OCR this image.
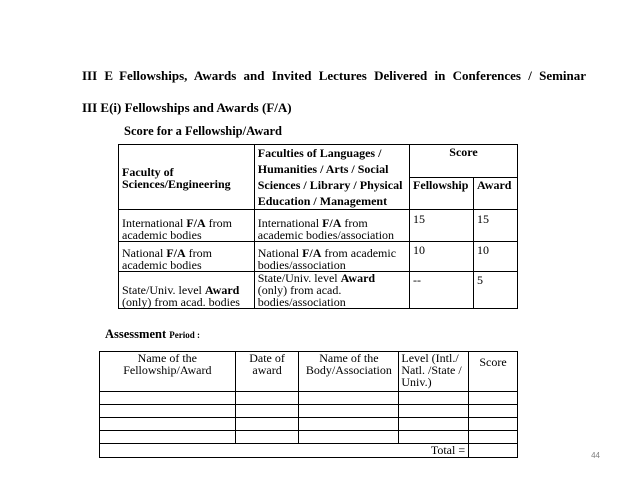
III E Fellowships, Awards and Invited Lectures Delivered in Conferences / Seminar
III E(i) Fellowships and Awards (F/A)
Score for a Fellowship/Award
Faculty of Sciences/Engineering	Faculties of Languages / Humanities / Arts / Social Sciences / Library / Physical Education / Management	Score	
		Fellowship	Award
International F/A from academic bodies	International F/A from academic bodies/association	15	15
National F/A from academic bodies	National F/A from academic bodies/association	10	10
State/Univ. level Award (only) from acad. bodies	State/Univ. level Award (only) from acad. bodies/association	--	5
Assessment Period :
Name of the Fellowship/Award	Date of award	Name of the Body/Association	Level (Intl./ Natl. /State / Univ.)	Score

Total =					44
